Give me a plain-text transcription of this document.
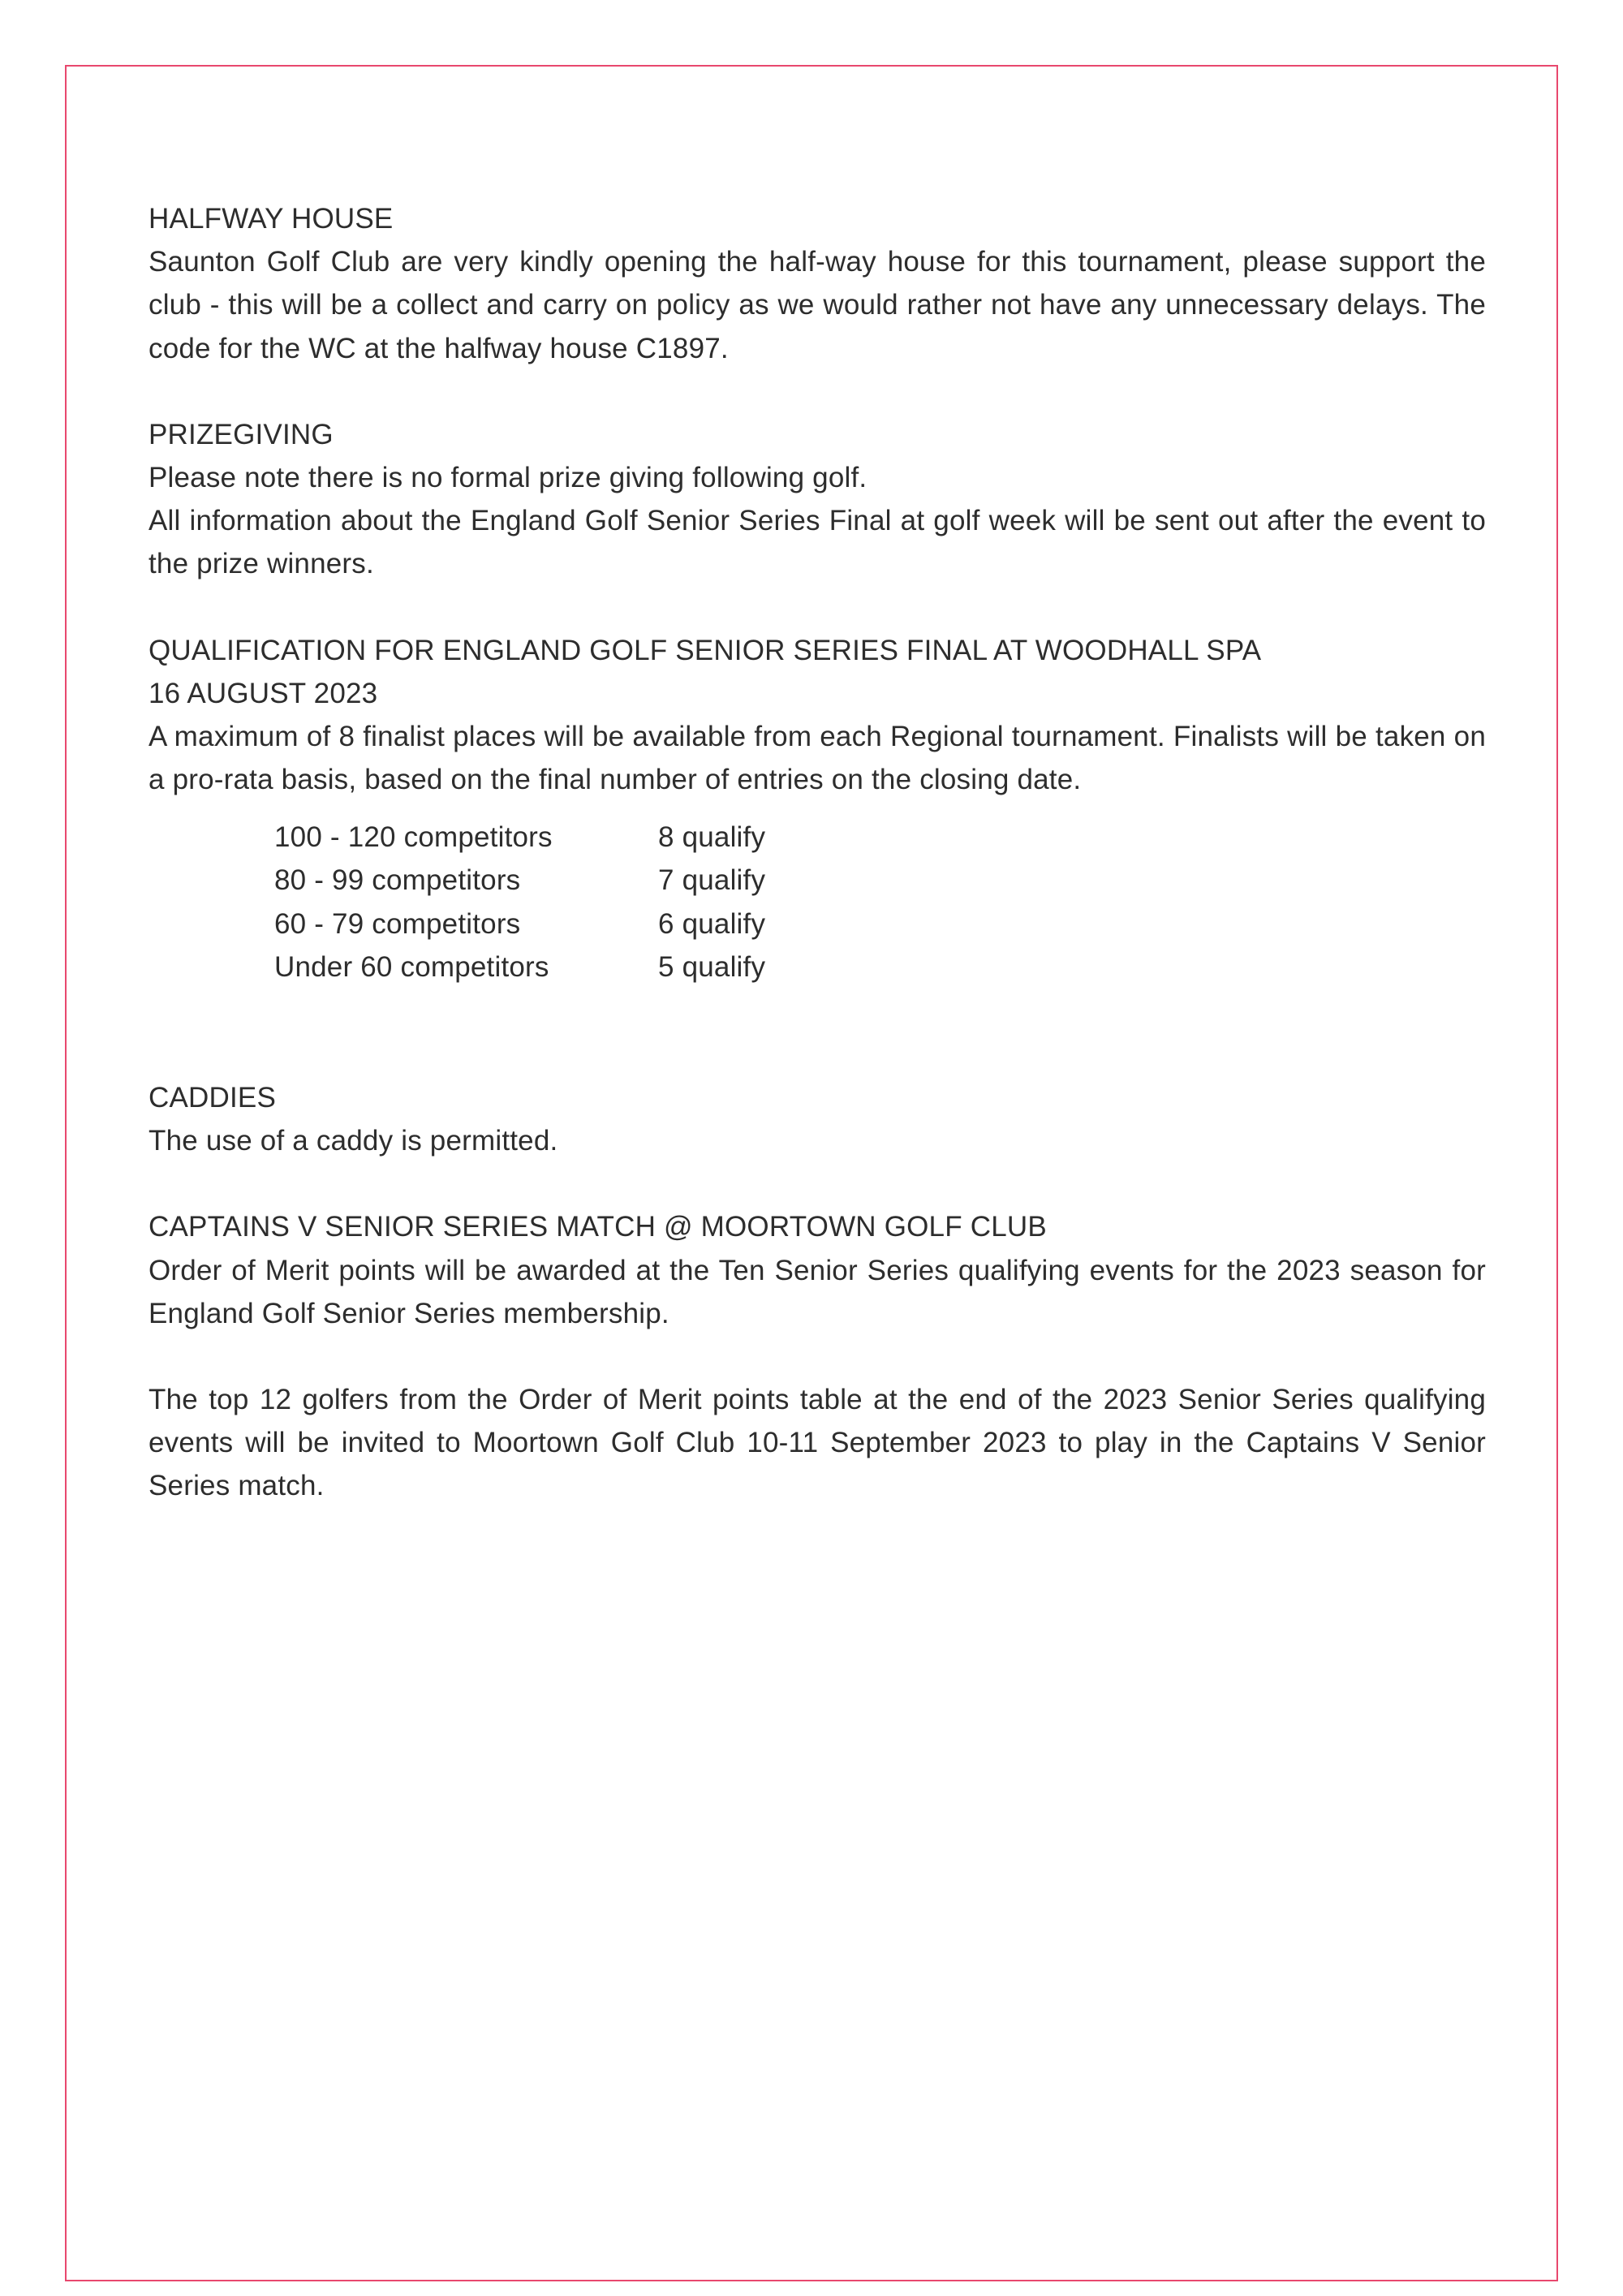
HALFWAY HOUSE

Saunton Golf Club are very kindly opening the half-way house for this tournament, please support the club - this will be a collect and carry on policy as we would rather not have any unnecessary delays. The code for the WC at the halfway house C1897.

PRIZEGIVING

Please note there is no formal prize giving following golf.

All information about the England Golf Senior Series Final at golf week will be sent out after the event to the prize winners.

QUALIFICATION FOR ENGLAND GOLF SENIOR SERIES FINAL AT WOODHALL SPA

16 AUGUST 2023

A maximum of 8 finalist places will be available from each Regional tournament. Finalists will be taken on a pro-rata basis, based on the final number of entries on the closing date.

100 - 120 competitors	8 qualify
80 - 99 competitors	7 qualify
60 - 79 competitors	6 qualify
Under 60 competitors	5 qualify

CADDIES

The use of a caddy is permitted.

CAPTAINS V SENIOR SERIES MATCH @ MOORTOWN GOLF CLUB

Order of Merit points will be awarded at the Ten Senior Series qualifying events for the 2023 season for England Golf Senior Series membership.

The top 12 golfers from the Order of Merit points table at the end of the 2023 Senior Series qualifying events will be invited to Moortown Golf Club 10-11 September 2023 to play in the Captains V Senior Series match.
